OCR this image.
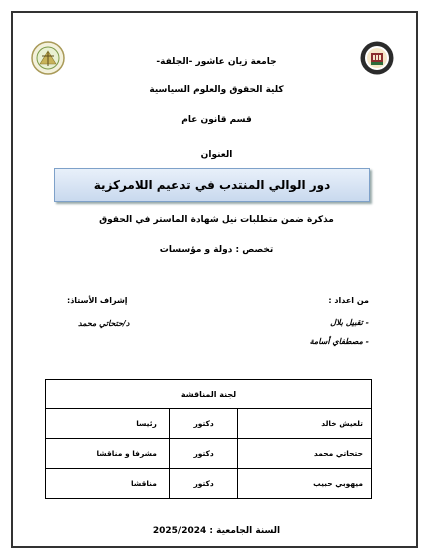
جامعة زيان عاشور -الجلفة-
كلية الحقوق والعلوم السياسية
قسم قانون عام
العنوان
دور الوالي المنتدب في تدعيم اللامركزية
مذكرة ضمن متطلبات نيل شهادة الماستر في الحقوق
تخصص : دولة و مؤسسات
من اعداد :
- تقبيل بلال
- مصطفاي أسامة
إشراف الأستاذ:
د/حتحاتي محمد
لجنة المناقشة		
تلعيش خالد	دكتور	رئيسا
حتحاتي محمد	دكتور	مشرفا و مناقشا
ميهوبي حبيب	دكتور	مناقشا
السنة الجامعية : 2025/2024
